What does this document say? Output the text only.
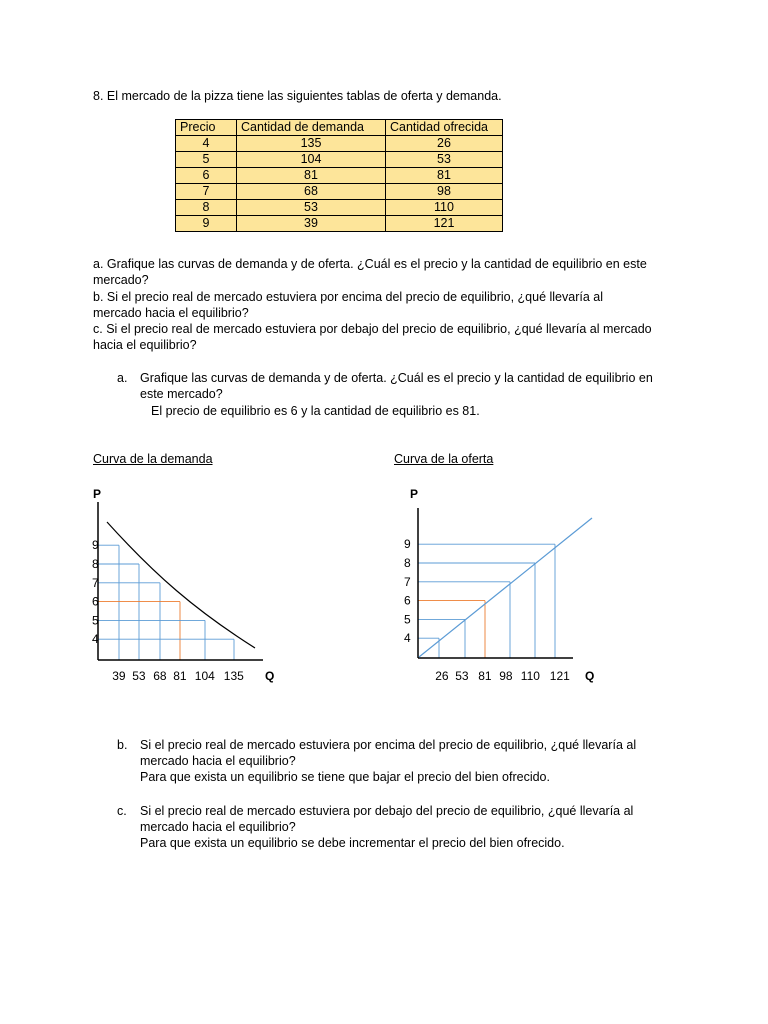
8. El mercado de la pizza tiene las siguientes tablas de oferta y demanda.
Precio	Cantidad de demanda	Cantidad ofrecida
4	135	26
5	104	53
6	81	81
7	68	98
8	53	110
9	39	121
a. Grafique las curvas de demanda y de oferta. ¿Cuál es el precio y la cantidad de equilibrio en este
mercado?
b. Si el precio real de mercado estuviera por encima del precio de equilibrio, ¿qué llevaría al
mercado hacia el equilibrio?
c. Si el precio real de mercado estuviera por debajo del precio de equilibrio, ¿qué llevaría al mercado
hacia el equilibrio?
a. Grafique las curvas de demanda y de oferta. ¿Cuál es el precio y la cantidad de equilibrio en
este mercado?
El precio de equilibrio es 6 y la cantidad de equilibrio es 81.
Curva de la demanda	Curva de la oferta
P
Q
9
8
7
6
5
4
39 53 68 81 104 135
P
Q
4
5
6
7
8
9
26 53 81 98 110 121
b. Si el precio real de mercado estuviera por encima del precio de equilibrio, ¿qué llevaría al
mercado hacia el equilibrio?
Para que exista un equilibrio se tiene que bajar el precio del bien ofrecido.
c. Si el precio real de mercado estuviera por debajo del precio de equilibrio, ¿qué llevaría al
mercado hacia el equilibrio?
Para que exista un equilibrio se debe incrementar el precio del bien ofrecido.
